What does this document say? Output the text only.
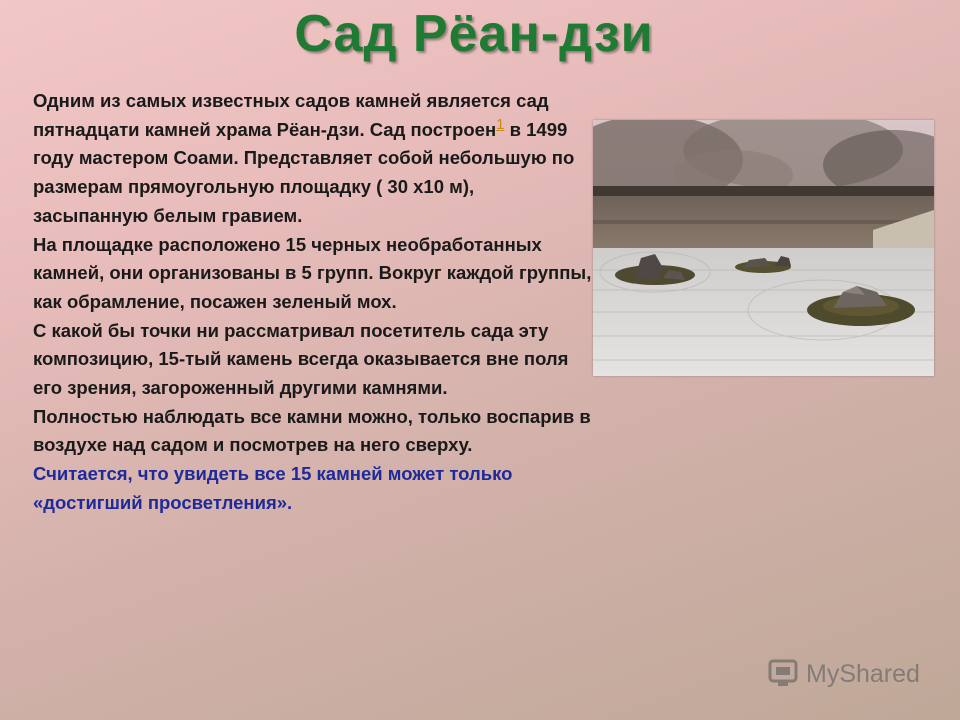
Сад Рёан-дзи

Одним из самых известных садов камней является сад пятнадцати камней храма Рёан-дзи. Сад построен$^1$ в 1499 году мастером Соами. Представляет собой небольшую по размерам прямоугольную площадку ( 30 х10 м), засыпанную белым гравием.

На площадке расположено 15 черных необработанных камней, они организованы в 5 групп. Вокруг каждой группы, как обрамление, посажен зеленый мох.

С какой бы точки ни рассматривал посетитель сада эту композицию, 15-тый камень всегда оказывается вне поля его зрения, загороженный другими камнями.

Полностью наблюдать все камни можно, только воспарив в воздухе над садом и посмотрев на него сверху.

Считается, что увидеть все 15 камней может только «достигший просветления».

MyShared
